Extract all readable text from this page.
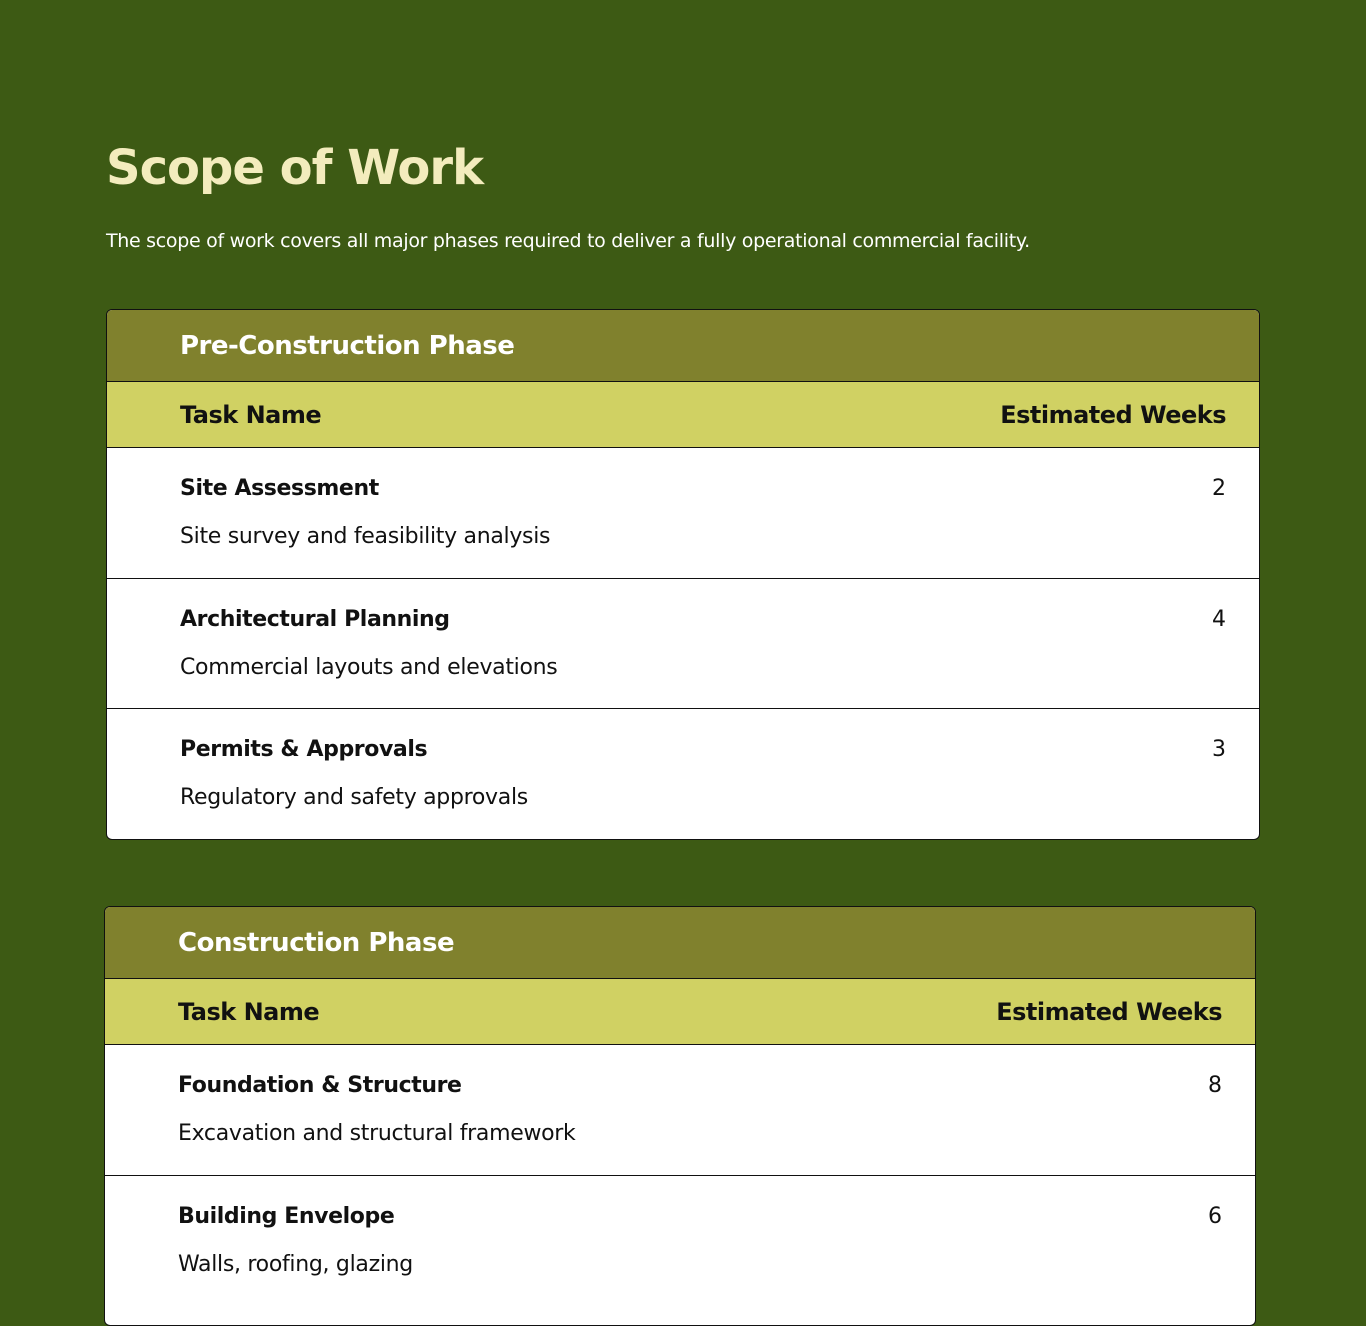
Scope of Work

The scope of work covers all major phases required to deliver a fully operational commercial facility.

Pre-Construction Phase
Task Name	Estimated Weeks
Site Assessment
Site survey and feasibility analysis
2
Architectural Planning
Commercial layouts and elevations
4
Permits & Approvals
Regulatory and safety approvals
3
Construction Phase
Task Name	Estimated Weeks
Foundation & Structure
Excavation and structural framework
8
Building Envelope
Walls, roofing, glazing
6
